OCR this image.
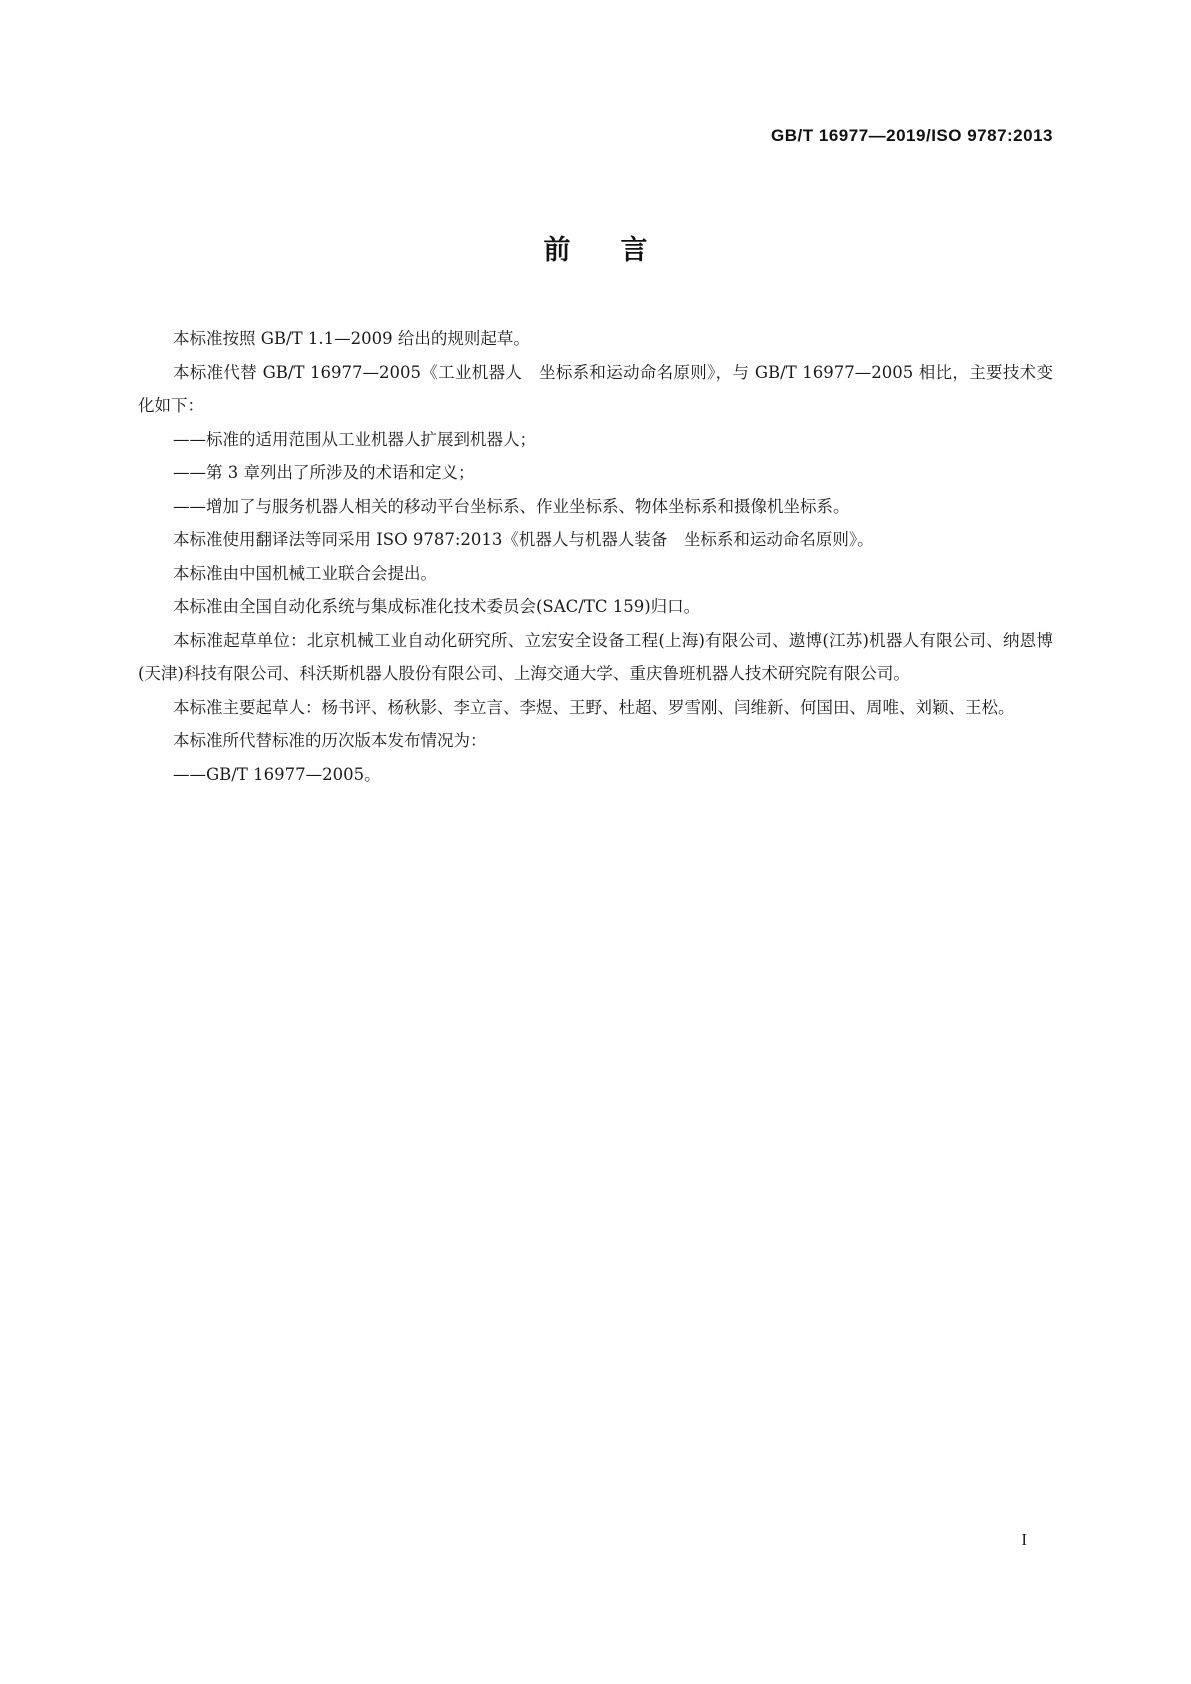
GB/T 16977—2019/ISO 9787:2013
前言

本标准按照 GB/T 1.1—2009 给出的规则起草。

本标准代替 GB/T 16977—2005《工业机器人　坐标系和运动命名原则》，与 GB/T 16977—2005 相比，主要技术变化如下：

——标准的适用范围从工业机器人扩展到机器人；

——第 3 章列出了所涉及的术语和定义；

——增加了与服务机器人相关的移动平台坐标系、作业坐标系、物体坐标系和摄像机坐标系。

本标准使用翻译法等同采用 ISO 9787:2013《机器人与机器人装备　坐标系和运动命名原则》。

本标准由中国机械工业联合会提出。

本标准由全国自动化系统与集成标准化技术委员会(SAC/TC 159)归口。

本标准起草单位：北京机械工业自动化研究所、立宏安全设备工程(上海)有限公司、遨博(江苏)机器人有限公司、纳恩博(天津)科技有限公司、科沃斯机器人股份有限公司、上海交通大学、重庆鲁班机器人技术研究院有限公司。

本标准主要起草人：杨书评、杨秋影、李立言、李煜、王野、杜超、罗雪刚、闫维新、何国田、周唯、刘颖、王松。

本标准所代替标准的历次版本发布情况为：

——GB/T 16977—2005。

I
